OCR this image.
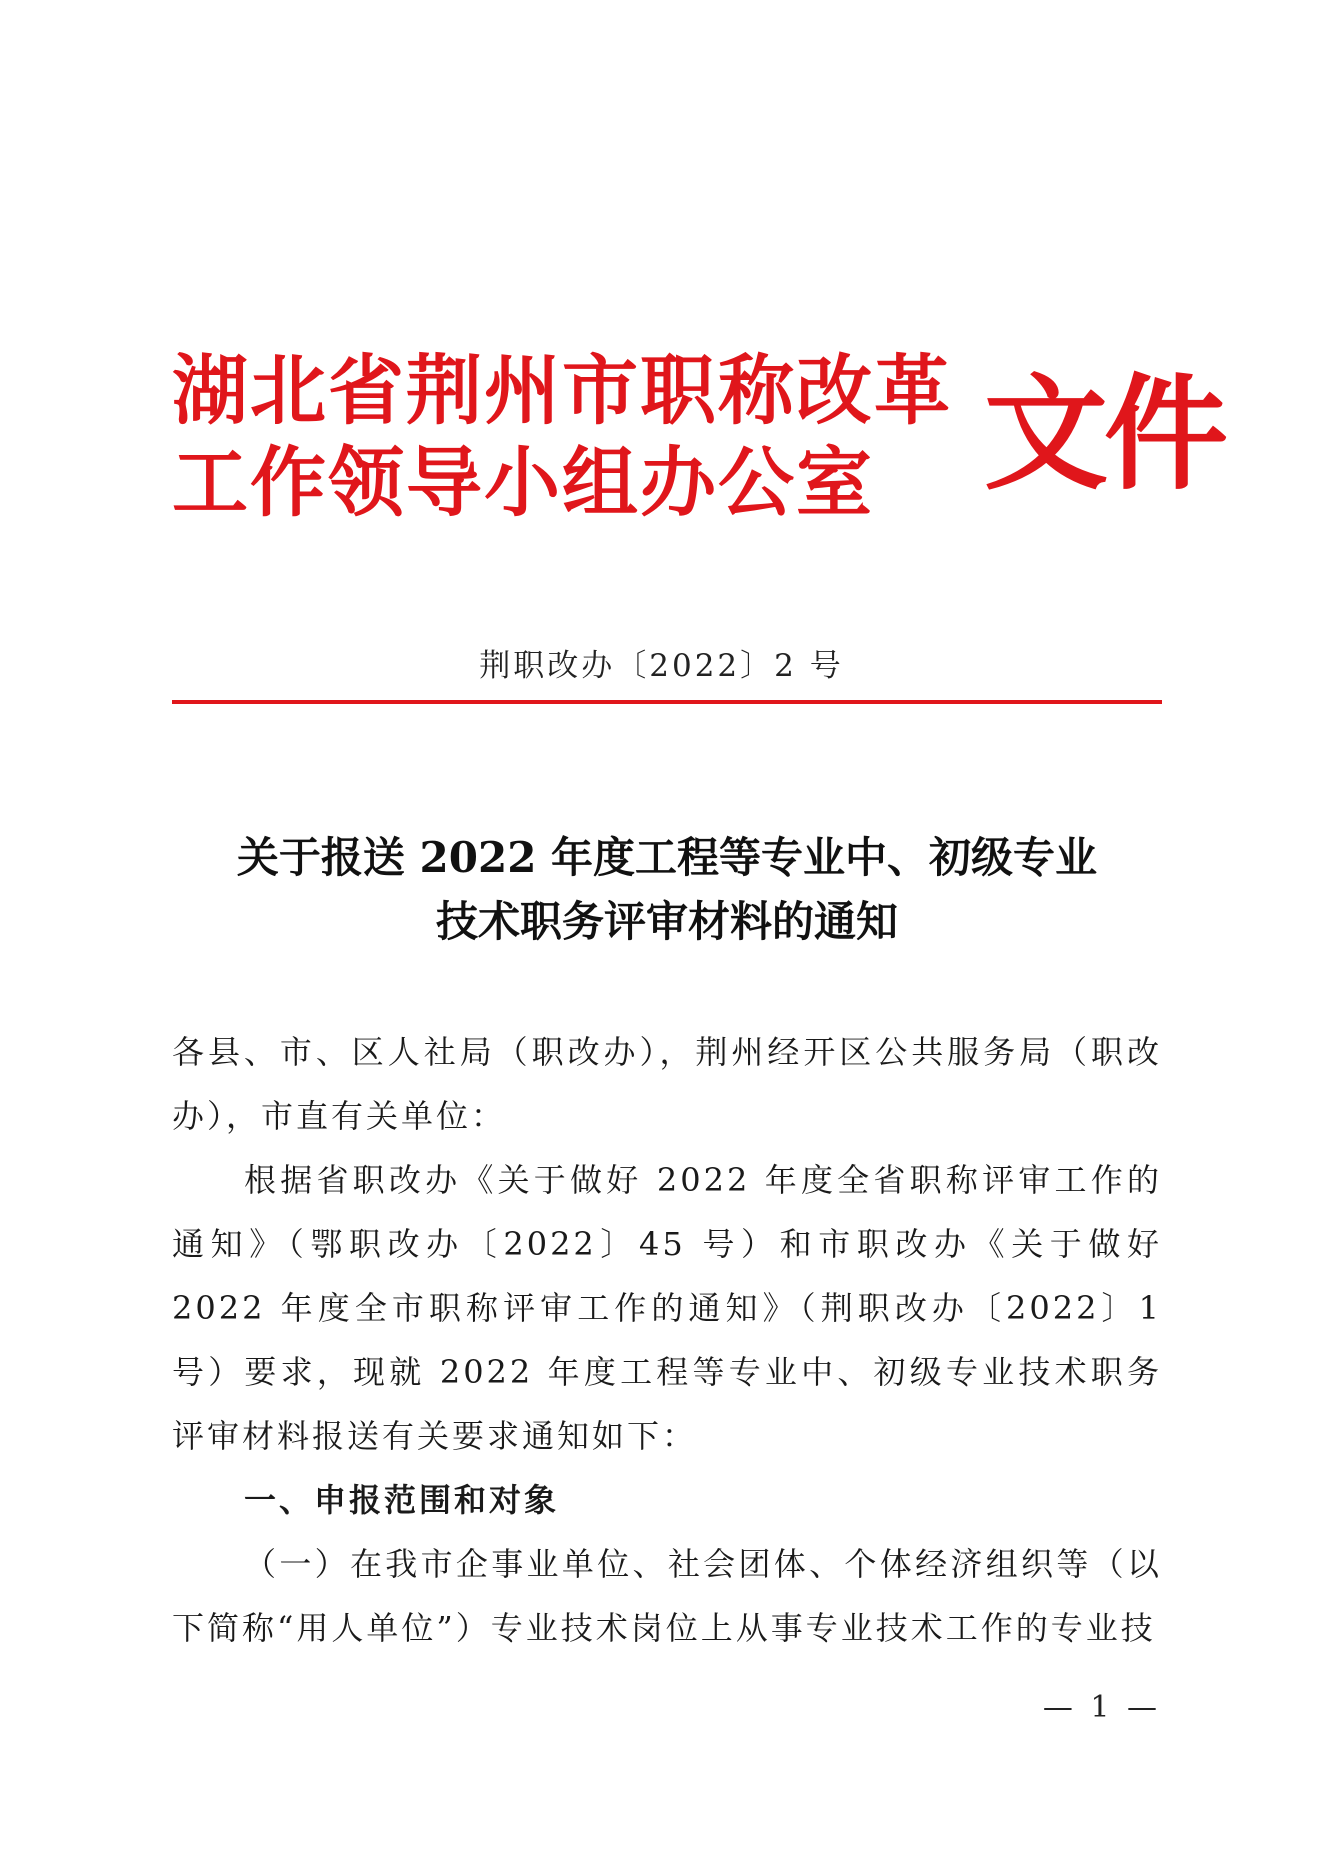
湖北省荆州市职称改革
工作领导小组办公室 文件
荆职改办〔2022〕2 号
关于报送 2022 年度工程等专业中、初级专业
技术职务评审材料的通知

各县、市、区人社局（职改办），荆州经开区公共服务局（职改办），市直有关单位：

根据省职改办《关于做好 2022 年度全省职称评审工作的通知》（鄂职改办〔2022〕45 号）和市职改办《关于做好 2022 年度全市职称评审工作的通知》（荆职改办〔2022〕1 号）要求，现就 2022 年度工程等专业中、初级专业技术职务评审材料报送有关要求通知如下：

一、申报范围和对象

（一）在我市企事业单位、社会团体、个体经济组织等（以下简称“用人单位”）专业技术岗位上从事专业技术工作的专业技

— 1 —
